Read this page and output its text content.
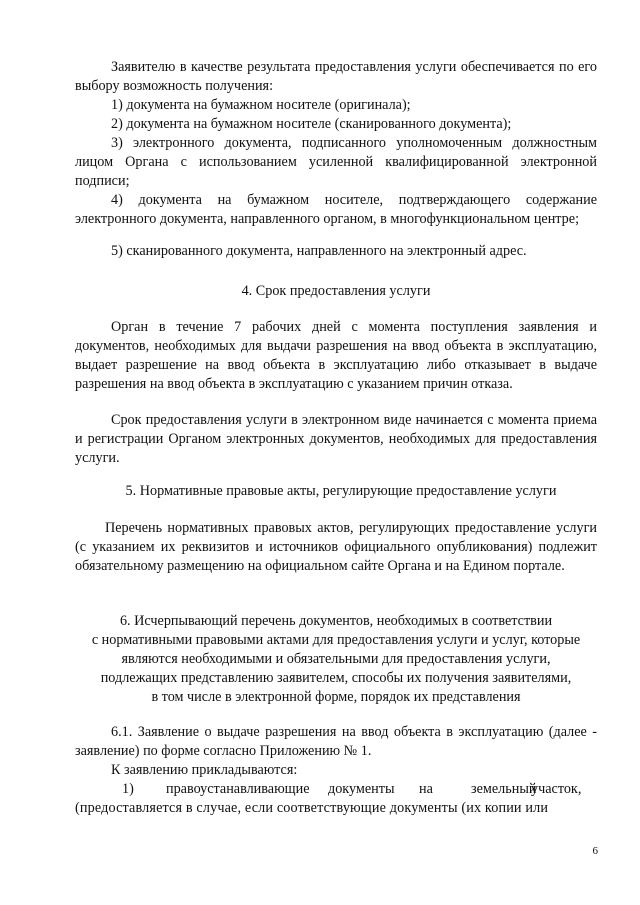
Заявителю в качестве результата предоставления услуги обеспечивается по его выбору возможность получения:
1) документа на бумажном носителе (оригинала);
2) документа на бумажном носителе (сканированного документа);
3) электронного документа, подписанного уполномоченным должностным лицом Органа с использованием усиленной квалифицированной электронной подписи;
4) документа на бумажном носителе, подтверждающего содержание электронного документа, направленного органом, в многофункциональном центре;
5) сканированного документа, направленного на электронный адрес.
4. Срок предоставления услуги
Орган в течение 7 рабочих дней с момента поступления заявления и документов, необходимых для выдачи разрешения на ввод объекта в эксплуатацию, выдает разрешение на ввод объекта в эксплуатацию либо отказывает в выдаче разрешения на ввод объекта в эксплуатацию с указанием причин отказа.
Срок предоставления услуги в электронном виде начинается с момента приема и регистрации Органом электронных документов, необходимых для предоставления услуги.
5. Нормативные правовые акты, регулирующие предоставление услуги
Перечень нормативных правовых актов, регулирующих предоставление услуги (с указанием их реквизитов и источников официального опубликования) подлежит обязательному размещению на официальном сайте Органа и на Едином портале.
6. Исчерпывающий перечень документов, необходимых в соответствии
с нормативными правовыми актами для предоставления услуги и услуг, которые
являются необходимыми и обязательными для предоставления услуги,
подлежащих представлению заявителем, способы их получения заявителями,
в том числе в электронной форме, порядок их представления
6.1. Заявление о выдаче разрешения на ввод объекта в эксплуатацию (далее - заявление) по форме согласно Приложению № 1.
К заявлению прикладываются:
1) правоустанавливающие документы на	земельный
участок,
(предоставляется в случае, если соответствующие документы (их копии или
6
